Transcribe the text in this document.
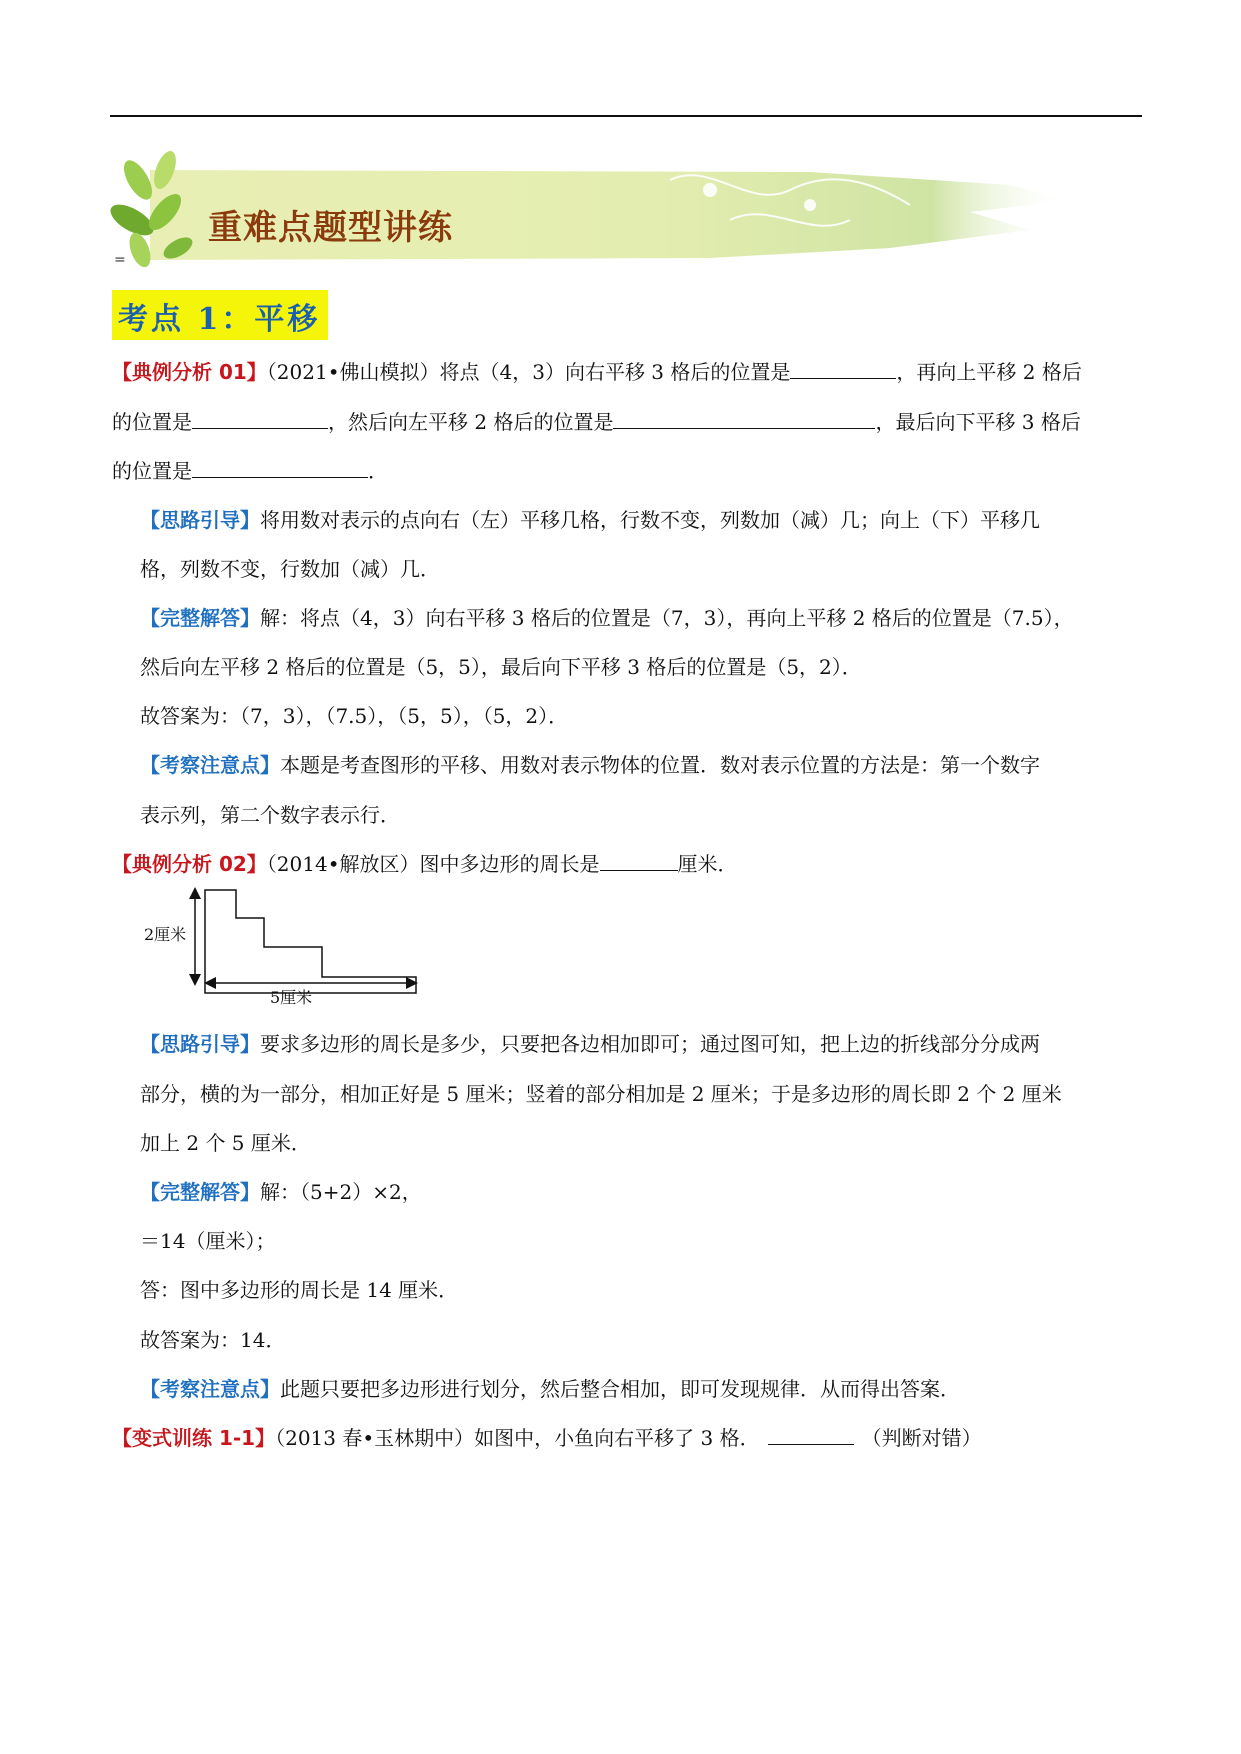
重难点题型讲练
=
考点 1：平移
【典例分析 01】（2021•佛山模拟）将点（4，3）向右平移 3 格后的位置是	，再向上平移 2 格后
的位置是	，然后向左平移 2 格后的位置是	，最后向下平移 3 格后
的位置是	．
【思路引导】将用数对表示的点向右（左）平移几格，行数不变，列数加（减）几；向上（下）平移几
格，列数不变，行数加（减）几．
【完整解答】解：将点（4，3）向右平移 3 格后的位置是（7，3），再向上平移 2 格后的位置是（7.5），
然后向左平移 2 格后的位置是（5，5），最后向下平移 3 格后的位置是（5，2）．
故答案为：（7，3），（7.5），（5，5），（5，2）．
【考察注意点】本题是考查图形的平移、用数对表示物体的位置．数对表示位置的方法是：第一个数字
表示列，第二个数字表示行．
【典例分析 02】（2014•解放区）图中多边形的周长是	厘米．
2厘米
5厘米
【思路引导】要求多边形的周长是多少，只要把各边相加即可；通过图可知，把上边的折线部分分成两
部分，横的为一部分，相加正好是 5 厘米；竖着的部分相加是 2 厘米；于是多边形的周长即 2 个 2 厘米
加上 2 个 5 厘米．
【完整解答】解：（5+2）×2，
＝14（厘米）；
答：图中多边形的周长是 14 厘米．
故答案为：14．
【考察注意点】此题只要把多边形进行划分，然后整合相加，即可发现规律．从而得出答案．
【变式训练 1-1】（2013 春•玉林期中）如图中，小鱼向右平移了 3 格．	（判断对错）
